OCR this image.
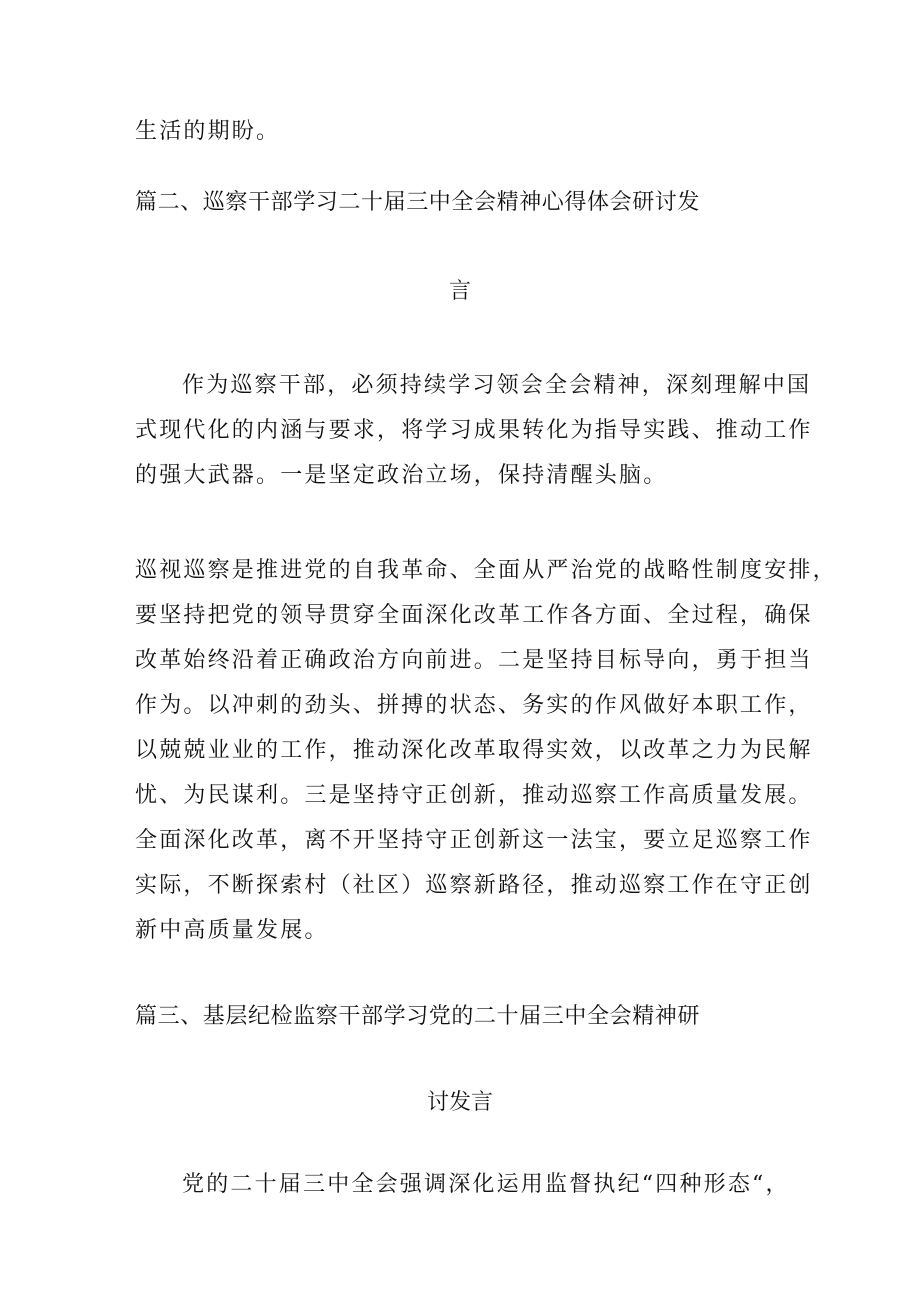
生活的期盼。
篇二、巡察干部学习二十届三中全会精神心得体会研讨发
言
作为巡察干部，必须持续学习领会全会精神，深刻理解中国
式现代化的内涵与要求，将学习成果转化为指导实践、推动工作
的强大武器。一是坚定政治立场，保持清醒头脑。
巡视巡察是推进党的自我革命、全面从严治党的战略性制度安排，
要坚持把党的领导贯穿全面深化改革工作各方面、全过程，确保
改革始终沿着正确政治方向前进。二是坚持目标导向，勇于担当
作为。以冲刺的劲头、拼搏的状态、务实的作风做好本职工作，
以兢兢业业的工作，推动深化改革取得实效，以改革之力为民解
忧、为民谋利。三是坚持守正创新，推动巡察工作高质量发展。
全面深化改革，离不开坚持守正创新这一法宝，要立足巡察工作
实际，不断探索村（社区）巡察新路径，推动巡察工作在守正创
新中高质量发展。
篇三、基层纪检监察干部学习党的二十届三中全会精神研
讨发言
党的二十届三中全会强调深化运用监督执纪“四种形态“，
